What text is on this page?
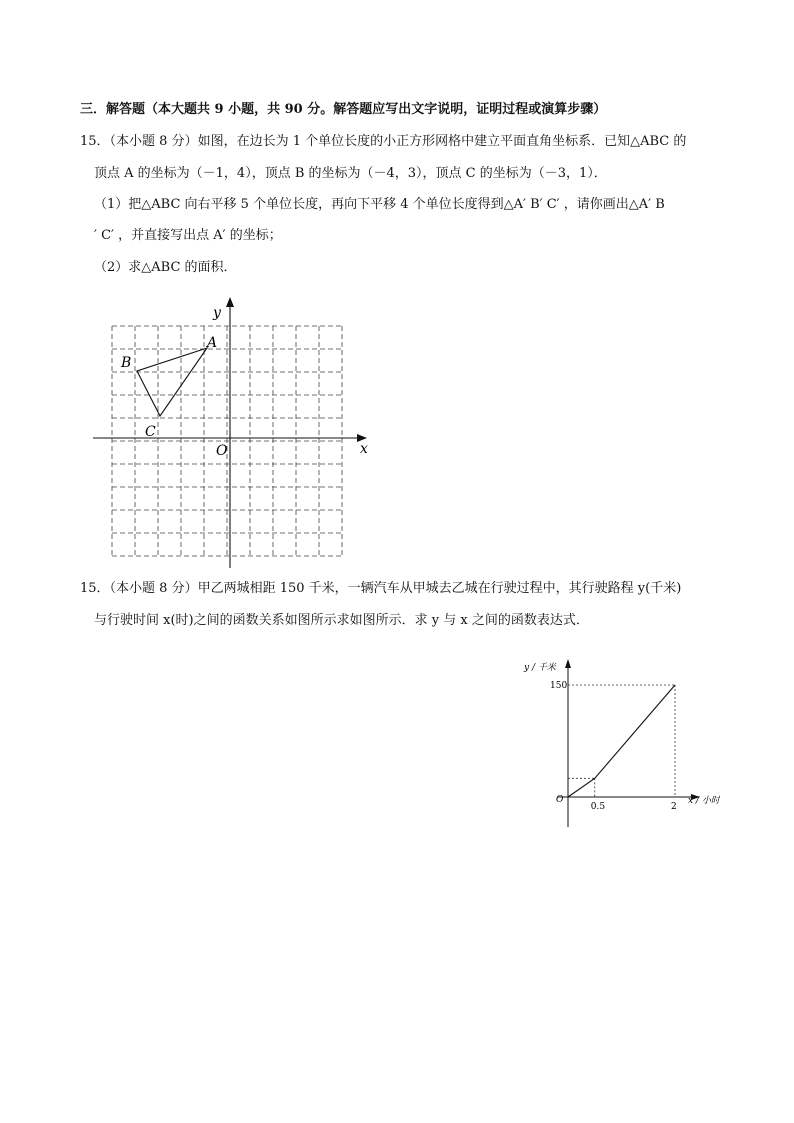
三．解答题（本大题共 9 小题，共 90 分。解答题应写出文字说明，证明过程或演算步骤）
15．（本小题 8 分）如图，在边长为 1 个单位长度的小正方形网格中建立平面直角坐标系．已知△ABC 的
顶点 A 的坐标为（－1，4），顶点 B 的坐标为（－4，3），顶点 C 的坐标为（－3，1）．
（1）把△ABC 向右平移 5 个单位长度，再向下平移 4 个单位长度得到△A′ B′ C′ ，请你画出△A′ B
′ C′ ，并直接写出点 A′ 的坐标；
（2）求△ABC 的面积．
y
x
O
A
B
C
15．（本小题 8 分）甲乙两城相距 150 千米，一辆汽车从甲城去乙城在行驶过程中，其行驶路程 y(千米)
与行驶时间 x(时)之间的函数关系如图所示求如图所示．求 y 与 x 之间的函数表达式．
0.5	2
150
y / 千米
x / 小时
O
